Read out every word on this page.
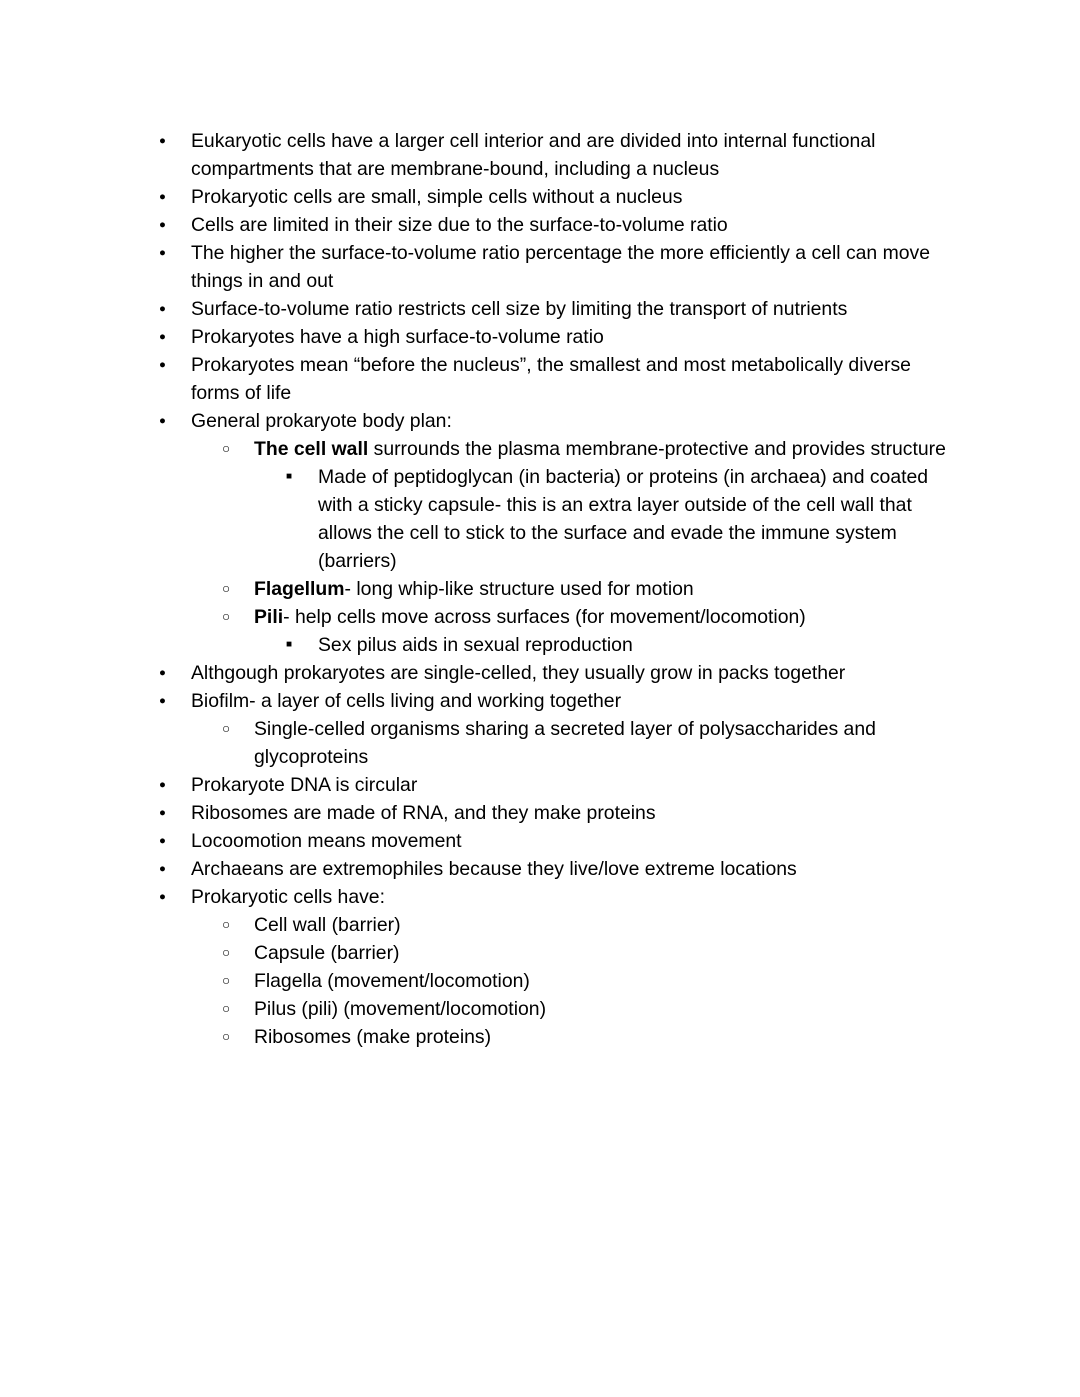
●	Eukaryotic cells have a larger cell interior and are divided into internal functional compartments that are membrane-bound, including a nucleus
●	Prokaryotic cells are small, simple cells without a nucleus
●	Cells are limited in their size due to the surface-to-volume ratio
●	The higher the surface-to-volume ratio percentage the more efficiently a cell can move things in and out
●	Surface-to-volume ratio restricts cell size by limiting the transport of nutrients
●	Prokaryotes have a high surface-to-volume ratio
●	Prokaryotes mean “before the nucleus”, the smallest and most metabolically diverse forms of life
●	General prokaryote body plan:
○	The cell wall surrounds the plasma membrane-protective and provides structure
■	Made of peptidoglycan (in bacteria) or proteins (in archaea) and coated with a sticky capsule- this is an extra layer outside of the cell wall that allows the cell to stick to the surface and evade the immune system (barriers)
○	Flagellum- long whip-like structure used for motion
○	Pili- help cells move across surfaces (for movement/locomotion)
■	Sex pilus aids in sexual reproduction
●	Althgough prokaryotes are single-celled, they usually grow in packs together
●	Biofilm- a layer of cells living and working together
○	Single-celled organisms sharing a secreted layer of polysaccharides and glycoproteins
●	Prokaryote DNA is circular
●	Ribosomes are made of RNA, and they make proteins
●	Locoomotion means movement
●	Archaeans are extremophiles because they live/love extreme locations
●	Prokaryotic cells have:
○	Cell wall (barrier)
○	Capsule (barrier)
○	Flagella (movement/locomotion)
○	Pilus (pili) (movement/locomotion)
○	Ribosomes (make proteins)
